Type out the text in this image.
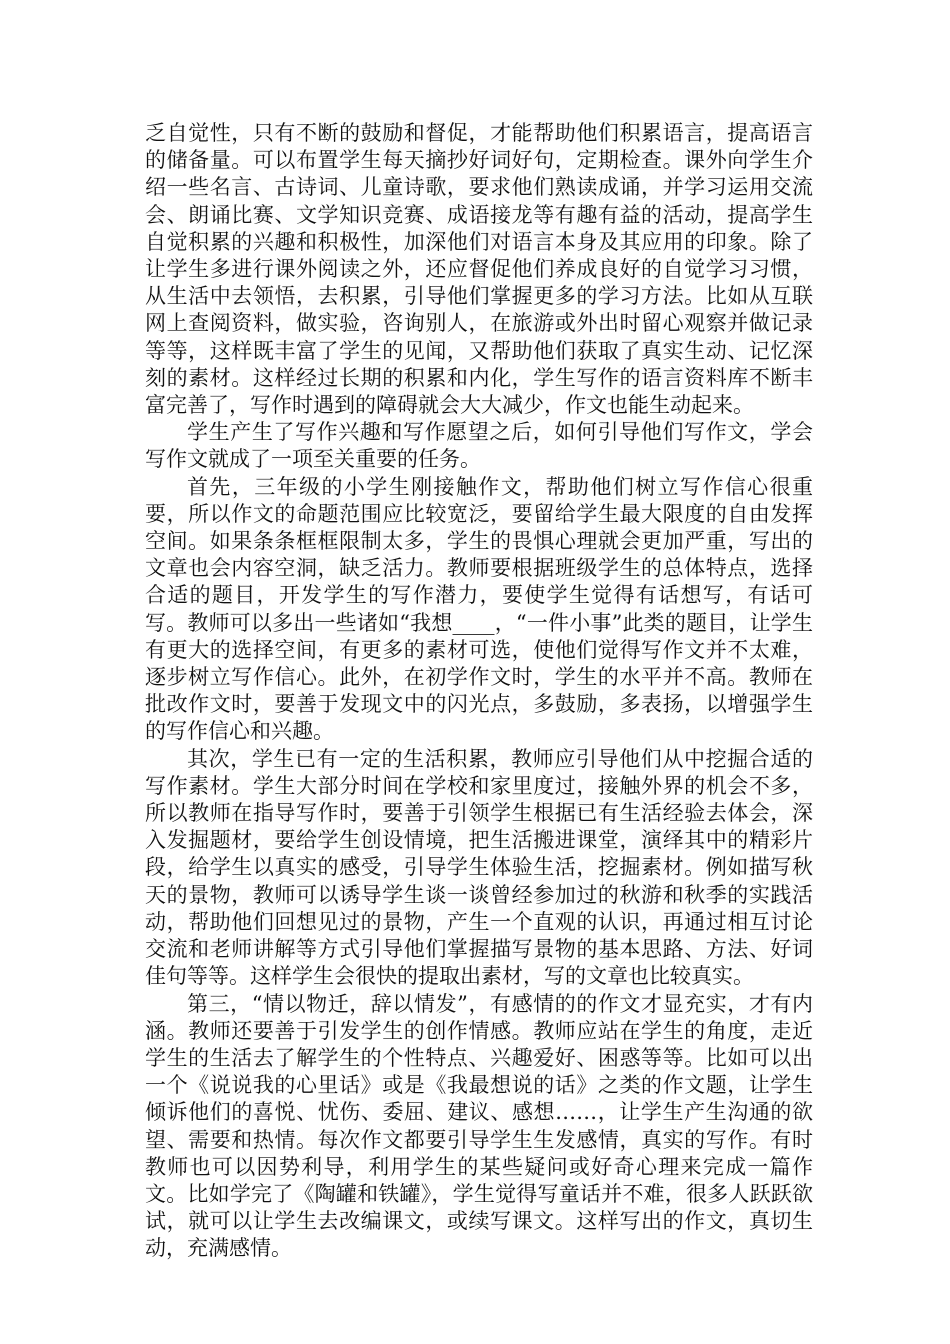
乏自觉性，只有不断的鼓励和督促，才能帮助他们积累语言，提高语言的储备量。可以布置学生每天摘抄好词好句，定期检查。课外向学生介绍一些名言、古诗词、儿童诗歌，要求他们熟读成诵，并学习运用交流会、朗诵比赛、文学知识竞赛、成语接龙等有趣有益的活动，提高学生自觉积累的兴趣和积极性，加深他们对语言本身及其应用的印象。除了让学生多进行课外阅读之外，还应督促他们养成良好的自觉学习习惯，从生活中去领悟，去积累，引导他们掌握更多的学习方法。比如从互联网上查阅资料，做实验，咨询别人，在旅游或外出时留心观察并做记录等等，这样既丰富了学生的见闻，又帮助他们获取了真实生动、记忆深刻的素材。这样经过长期的积累和内化，学生写作的语言资料库不断丰富完善了，写作时遇到的障碍就会大大减少，作文也能生动起来。

学生产生了写作兴趣和写作愿望之后，如何引导他们写作文，学会写作文就成了一项至关重要的任务。

首先，三年级的小学生刚接触作文，帮助他们树立写作信心很重要，所以作文的命题范围应比较宽泛，要留给学生最大限度的自由发挥空间。如果条条框框限制太多，学生的畏惧心理就会更加严重，写出的文章也会内容空洞，缺乏活力。教师要根据班级学生的总体特点，选择合适的题目，开发学生的写作潜力，要使学生觉得有话想写，有话可写。教师可以多出一些诸如“我想____，“一件小事”此类的题目，让学生有更大的选择空间，有更多的素材可选，使他们觉得写作文并不太难，逐步树立写作信心。此外，在初学作文时，学生的水平并不高。教师在批改作文时，要善于发现文中的闪光点，多鼓励，多表扬，以增强学生的写作信心和兴趣。

其次，学生已有一定的生活积累，教师应引导他们从中挖掘合适的写作素材。学生大部分时间在学校和家里度过，接触外界的机会不多，所以教师在指导写作时，要善于引领学生根据已有生活经验去体会，深入发掘题材，要给学生创设情境，把生活搬进课堂，演绎其中的精彩片段，给学生以真实的感受，引导学生体验生活，挖掘素材。例如描写秋天的景物，教师可以诱导学生谈一谈曾经参加过的秋游和秋季的实践活动，帮助他们回想见过的景物，产生一个直观的认识，再通过相互讨论交流和老师讲解等方式引导他们掌握描写景物的基本思路、方法、好词佳句等等。这样学生会很快的提取出素材，写的文章也比较真实。

第三，“情以物迁，辞以情发”，有感情的的作文才显充实，才有内涵。教师还要善于引发学生的创作情感。教师应站在学生的角度，走近学生的生活去了解学生的个性特点、兴趣爱好、困惑等等。比如可以出一个《说说我的心里话》或是《我最想说的话》之类的作文题，让学生倾诉他们的喜悦、忧伤、委屈、建议、感想……，让学生产生沟通的欲望、需要和热情。每次作文都要引导学生生发感情，真实的写作。有时教师也可以因势利导，利用学生的某些疑问或好奇心理来完成一篇作文。比如学完了《陶罐和铁罐》，学生觉得写童话并不难，很多人跃跃欲试，就可以让学生去改编课文，或续写课文。这样写出的作文，真切生动，充满感情。
